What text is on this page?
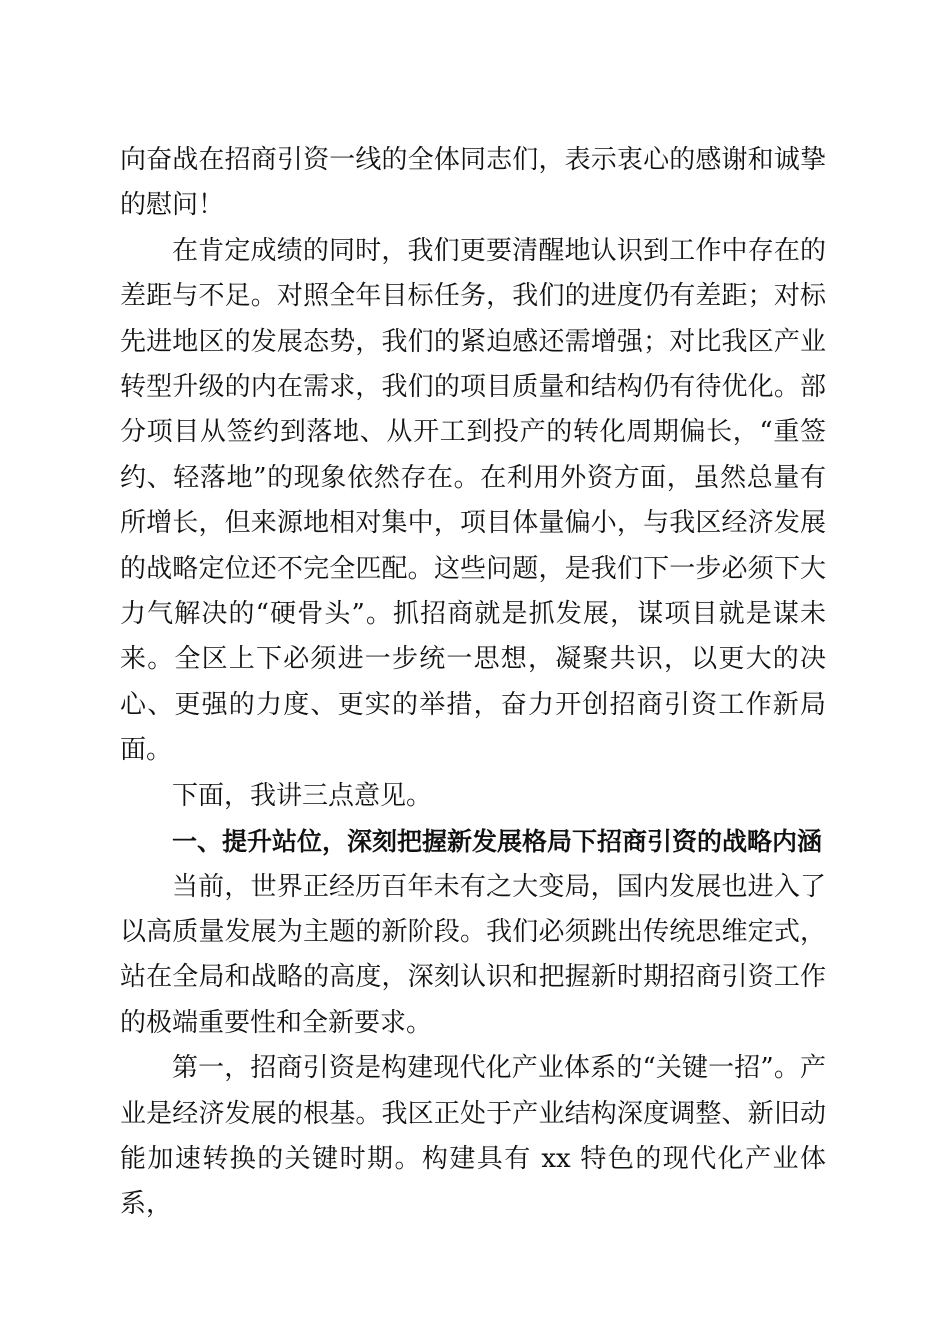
向奋战在招商引资一线的全体同志们，表示衷心的感谢和诚挚的慰问！

在肯定成绩的同时，我们更要清醒地认识到工作中存在的差距与不足。对照全年目标任务，我们的进度仍有差距；对标先进地区的发展态势，我们的紧迫感还需增强；对比我区产业转型升级的内在需求，我们的项目质量和结构仍有待优化。部分项目从签约到落地、从开工到投产的转化周期偏长，“重签约、轻落地”的现象依然存在。在利用外资方面，虽然总量有所增长，但来源地相对集中，项目体量偏小，与我区经济发展的战略定位还不完全匹配。这些问题，是我们下一步必须下大力气解决的“硬骨头”。抓招商就是抓发展，谋项目就是谋未来。全区上下必须进一步统一思想，凝聚共识，以更大的决心、更强的力度、更实的举措，奋力开创招商引资工作新局面。

下面，我讲三点意见。

一、提升站位，深刻把握新发展格局下招商引资的战略内涵

当前，世界正经历百年未有之大变局，国内发展也进入了以高质量发展为主题的新阶段。我们必须跳出传统思维定式，站在全局和战略的高度，深刻认识和把握新时期招商引资工作的极端重要性和全新要求。

第一，招商引资是构建现代化产业体系的“关键一招”。产业是经济发展的根基。我区正处于产业结构深度调整、新旧动能加速转换的关键时期。构建具有 xx 特色的现代化产业体系，
